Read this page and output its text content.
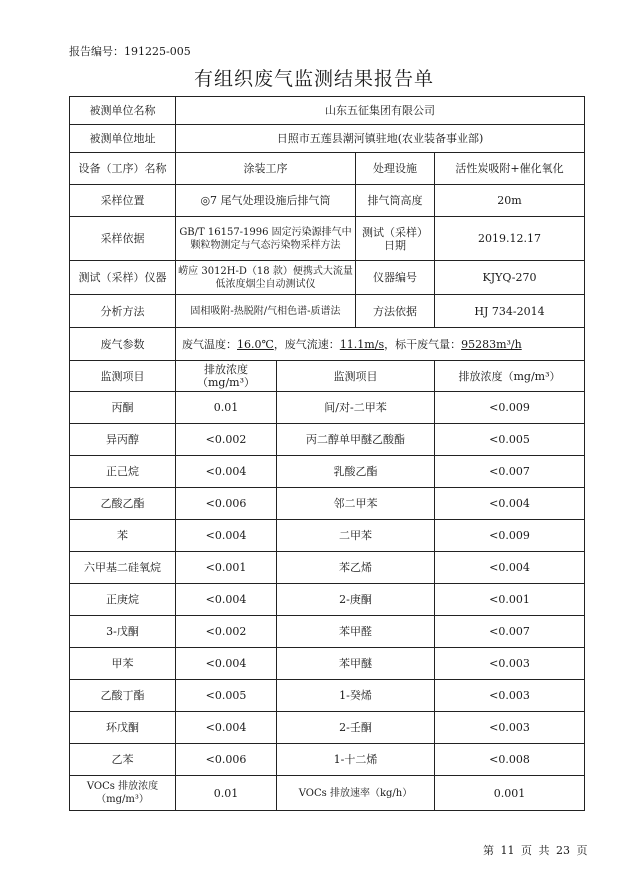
报告编号：191225-005
有组织废气监测结果报告单
被测单位名称	山东五征集团有限公司			
被测单位地址	日照市五莲县潮河镇驻地(农业装备事业部)			
设备（工序）名称	涂装工序		处理设施	活性炭吸附+催化氧化
采样位置	◎7 尾气处理设施后排气筒		排气筒高度	20m
采样依据	GB/T 16157-1996 固定污染源排气中颗粒物测定与气态污染物采样方法		测试（采样）日期	2019.12.17
测试（采样）仪器	崂应 3012H-D（18 款）便携式大流量低浓度烟尘自动测试仪		仪器编号	KJYQ-270
分析方法	固相吸附-热脱附/气相色谱-质谱法		方法依据	HJ 734-2014
废气参数	废气温度：16.0℃，废气流速：11.1m/s，标干废气量：95283m³/h			
监测项目	排放浓度（mg/m³）	监测项目		排放浓度（mg/m³）
丙酮	0.01	间/对-二甲苯		<0.009
异丙醇	<0.002	丙二醇单甲醚乙酸酯		<0.005
正己烷	<0.004	乳酸乙酯		<0.007
乙酸乙酯	<0.006	邻二甲苯		<0.004
苯	<0.004	二甲苯		<0.009
六甲基二硅氧烷	<0.001	苯乙烯		<0.004
正庚烷	<0.004	2-庚酮		<0.001
3-戊酮	<0.002	苯甲醛		<0.007
甲苯	<0.004	苯甲醚		<0.003
乙酸丁酯	<0.005	1-癸烯		<0.003
环戊酮	<0.004	2-壬酮		<0.003
乙苯	<0.006	1-十二烯		<0.008
VOCs 排放浓度（mg/m³）	0.01	VOCs 排放速率（kg/h）		0.001
第 11 页 共 23 页
